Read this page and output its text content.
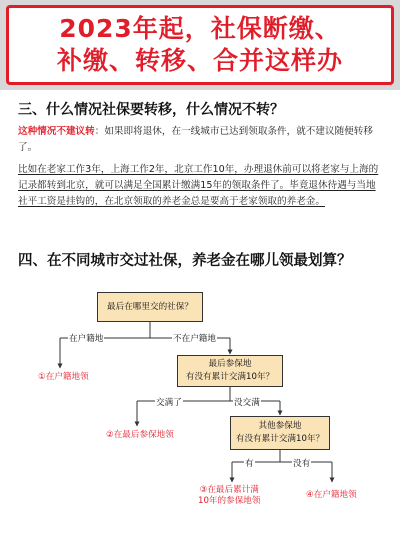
2023年起，社保断缴、
补缴、转移、合并这样办
三、什么情况社保要转移，什么情况不转？
这种情况不建议转：如果即将退休，在一线城市已达到领取条件，就不建议随便转移了。
比如在老家工作3年，上海工作2年，北京工作10年，办理退休前可以将老家与上海的记录都转到北京，就可以满足全国累计缴满15年的领取条件了。毕竟退休待遇与当地社平工资是挂钩的，在北京领取的养老金总是要高于老家领取的养老金。
四、在不同城市交过社保，养老金在哪儿领最划算？
最后在哪里交的社保？
在户籍地	不在户籍地
①在户籍地领
最后参保地
有没有累计交满10年？
交满了	没交满
②在最后参保地领
其他参保地
有没有累计交满10年？
有	没有
③在最后累计满
10年的参保地领
④在户籍地领
